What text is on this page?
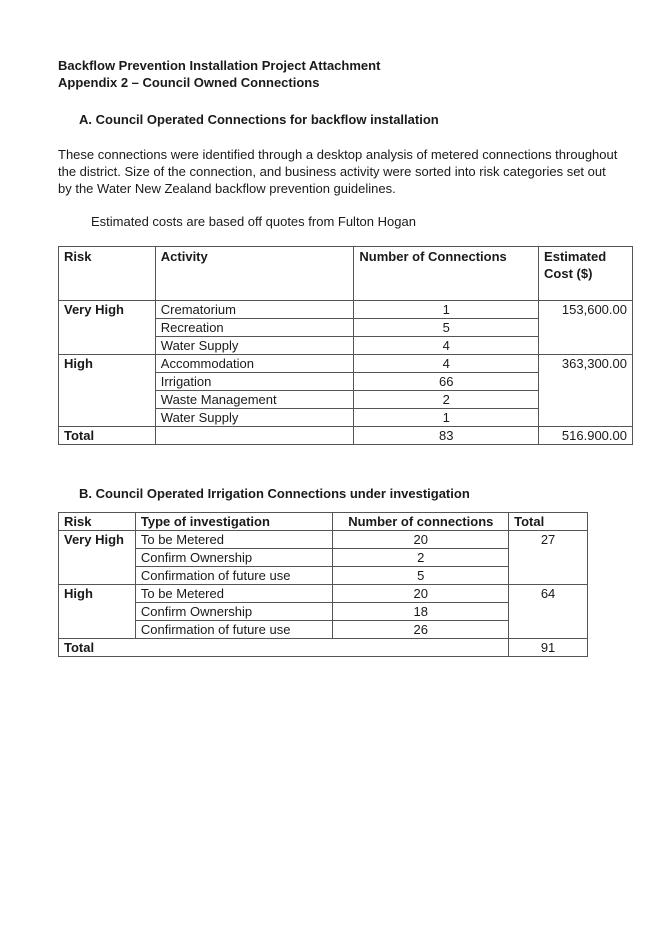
Backflow Prevention Installation Project Attachment

Appendix 2 – Council Owned Connections

A. Council Operated Connections for backflow installation

These connections were identified through a desktop analysis of metered connections throughout the district. Size of the connection, and business activity were sorted into risk categories set out by the Water New Zealand backflow prevention guidelines.

Estimated costs are based off quotes from Fulton Hogan

Risk	Activity	Number of Connections	Estimated Cost ($)
Very High	Crematorium	1	153,600.00
	Recreation	5	
	Water Supply	4	
High	Accommodation	4	363,300.00
	Irrigation	66	
	Waste Management	2	
	Water Supply	1	
Total		83	516.900.00

B. Council Operated Irrigation Connections under investigation

Risk	Type of investigation	Number of connections	Total
Very High	To be Metered	20	27
	Confirm Ownership	2	
	Confirmation of future use	5	
High	To be Metered	20	64
	Confirm Ownership	18	
	Confirmation of future use	26	
Total			91
